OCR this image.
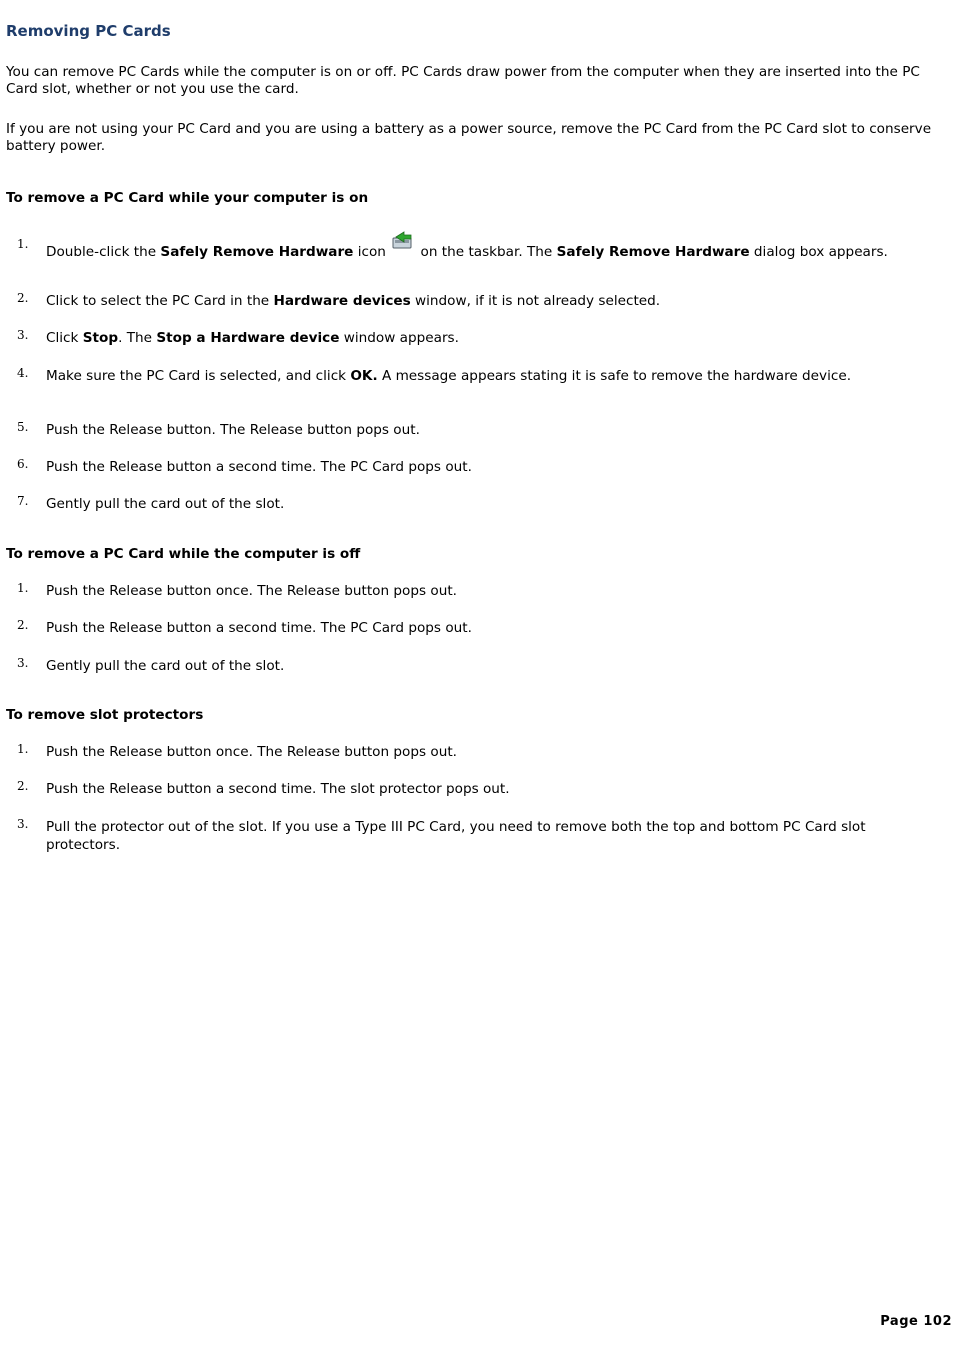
Removing PC Cards

You can remove PC Cards while the computer is on or off. PC Cards draw power from the computer when they are inserted into the PC Card slot, whether or not you use the card.

If you are not using your PC Card and you are using a battery as a power source, remove the PC Card from the PC Card slot to conserve battery power.

To remove a PC Card while your computer is on
1. Double-click the Safely Remove Hardware icon  on the taskbar. The Safely Remove Hardware dialog box appears.
2. Click to select the PC Card in the Hardware devices window, if it is not already selected.
3. Click Stop. The Stop a Hardware device window appears.
4. Make sure the PC Card is selected, and click OK. A message appears stating it is safe to remove the hardware device.
5. Push the Release button. The Release button pops out.
6. Push the Release button a second time. The PC Card pops out.
7. Gently pull the card out of the slot.
To remove a PC Card while the computer is off
1. Push the Release button once. The Release button pops out.
2. Push the Release button a second time. The PC Card pops out.
3. Gently pull the card out of the slot.
To remove slot protectors
1. Push the Release button once. The Release button pops out.
2. Push the Release button a second time. The slot protector pops out.
3. Pull the protector out of the slot. If you use a Type III PC Card, you need to remove both the top and bottom PC Card slot protectors.
Page 102
